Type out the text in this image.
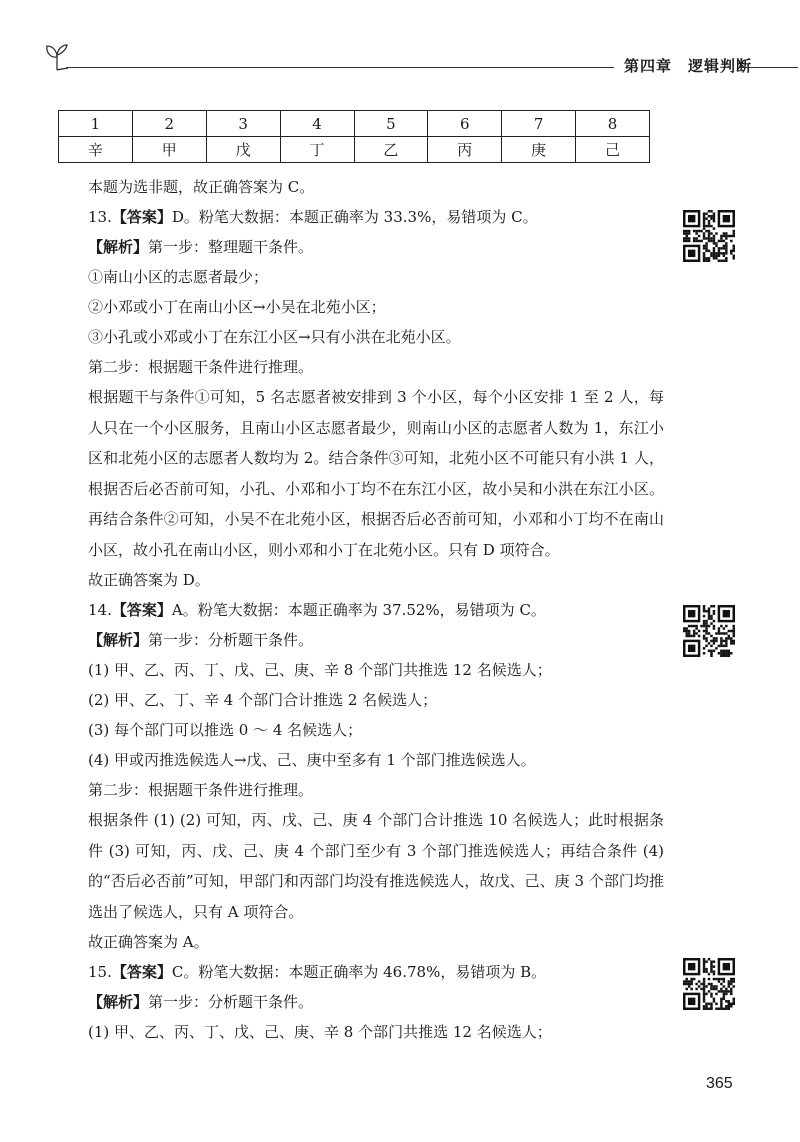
第四章　逻辑判断
1	2	3	4	5	6	7	8
辛	甲	戊	丁	乙	丙	庚	己
本题为选非题，故正确答案为 C。
13.【答案】D。粉笔大数据：本题正确率为 33.3%，易错项为 C。
【解析】第一步：整理题干条件。
①南山小区的志愿者最少；
②小邓或小丁在南山小区→小吴在北苑小区；
③小孔或小邓或小丁在东江小区→只有小洪在北苑小区。
第二步：根据题干条件进行推理。
根据题干与条件①可知，5 名志愿者被安排到 3 个小区，每个小区安排 1 至 2 人，每人只在一个小区服务，且南山小区志愿者最少，则南山小区的志愿者人数为 1，东江小区和北苑小区的志愿者人数均为 2。结合条件③可知，北苑小区不可能只有小洪 1 人，根据否后必否前可知，小孔、小邓和小丁均不在东江小区，故小吴和小洪在东江小区。再结合条件②可知，小吴不在北苑小区，根据否后必否前可知，小邓和小丁均不在南山小区，故小孔在南山小区，则小邓和小丁在北苑小区。只有 D 项符合。
故正确答案为 D。
14.【答案】A。粉笔大数据：本题正确率为 37.52%，易错项为 C。
【解析】第一步：分析题干条件。
(1) 甲、乙、丙、丁、戊、己、庚、辛 8 个部门共推选 12 名候选人；
(2) 甲、乙、丁、辛 4 个部门合计推选 2 名候选人；
(3) 每个部门可以推选 0 ～ 4 名候选人；
(4) 甲或丙推选候选人→戊、己、庚中至多有 1 个部门推选候选人。
第二步：根据题干条件进行推理。
根据条件 (1) (2) 可知，丙、戊、己、庚 4 个部门合计推选 10 名候选人；此时根据条件 (3) 可知，丙、戊、己、庚 4 个部门至少有 3 个部门推选候选人；再结合条件 (4) 的“否后必否前”可知，甲部门和丙部门均没有推选候选人，故戊、己、庚 3 个部门均推选出了候选人，只有 A 项符合。
故正确答案为 A。
15.【答案】C。粉笔大数据：本题正确率为 46.78%，易错项为 B。
【解析】第一步：分析题干条件。
(1) 甲、乙、丙、丁、戊、己、庚、辛 8 个部门共推选 12 名候选人；
365
